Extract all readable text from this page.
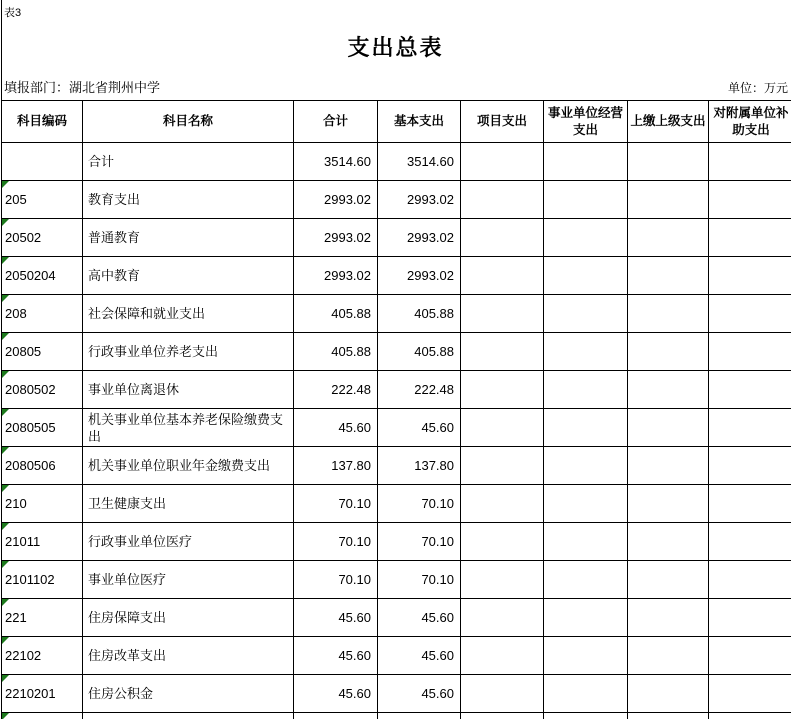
表3
支出总表
填报部门：湖北省荆州中学	单位：万元
科目编码	科目名称	合计	基本支出	项目支出	事业单位经营支出	上缴上级支出	对附属单位补助支出
	合计	3514.60	3514.60				

205	教育支出	2993.02	2993.02				

20502	普通教育	2993.02	2993.02				

2050204	高中教育	2993.02	2993.02				

208	社会保障和就业支出	405.88	405.88				

20805	行政事业单位养老支出	405.88	405.88				

2080502	事业单位离退休	222.48	222.48				

2080505	机关事业单位基本养老保险缴费支出	45.60	45.60				

2080506	机关事业单位职业年金缴费支出	137.80	137.80				

210	卫生健康支出	70.10	70.10				

21011	行政事业单位医疗	70.10	70.10				

2101102	事业单位医疗	70.10	70.10				

221	住房保障支出	45.60	45.60				

22102	住房改革支出	45.60	45.60				

2210201	住房公积金	45.60	45.60				
